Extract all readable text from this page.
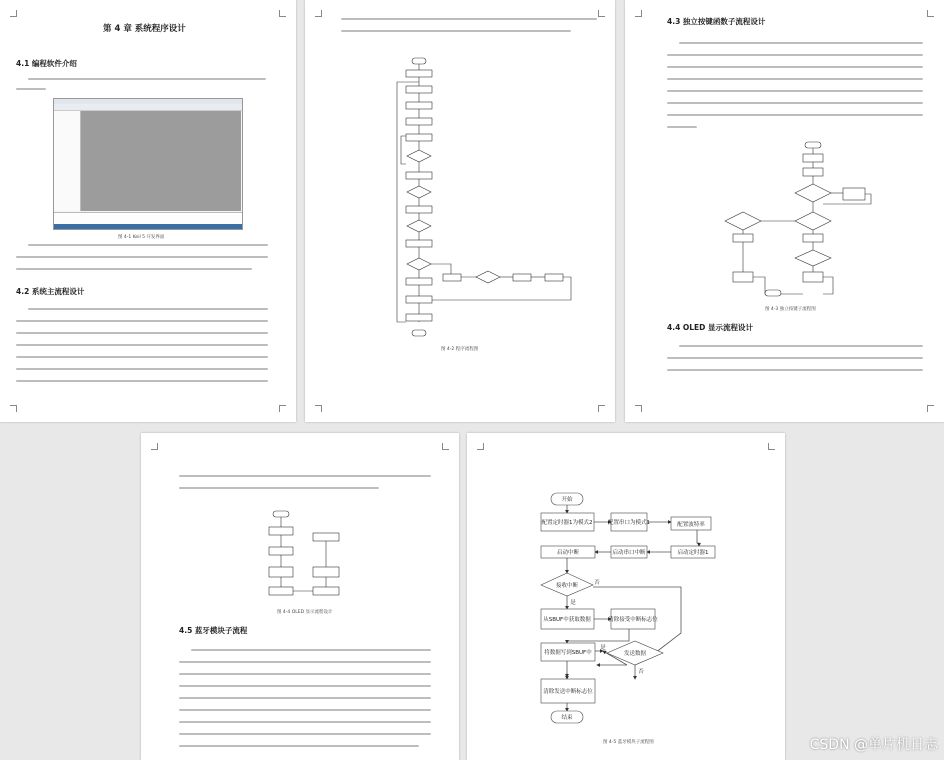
第 4 章 系统程序设计
4.1 编程软件介绍
图 4-1 Keil 5 开发界面
4.2 系统主流程设计
图 4-2 程序流程图
4.3 独立按键函数子流程设计
图 4-3 独立按键子流程图
4.4 OLED 显示流程设计
图 4-4 OLED 显示流程设计
4.5 蓝牙模块子流程
开始
配置定时器1为模式2	配置串口为模式1	配置波特率
启动定时器1
启动串口中断
启动中断
接收中断	否
是
从SBUF中获取数据	清除接受中断标志位
发送数据
是
否
将数据写到SBUF中
清除发送中断标志位
结束
图 4-5 蓝牙模块子流程图	CSDN @单片机日志
